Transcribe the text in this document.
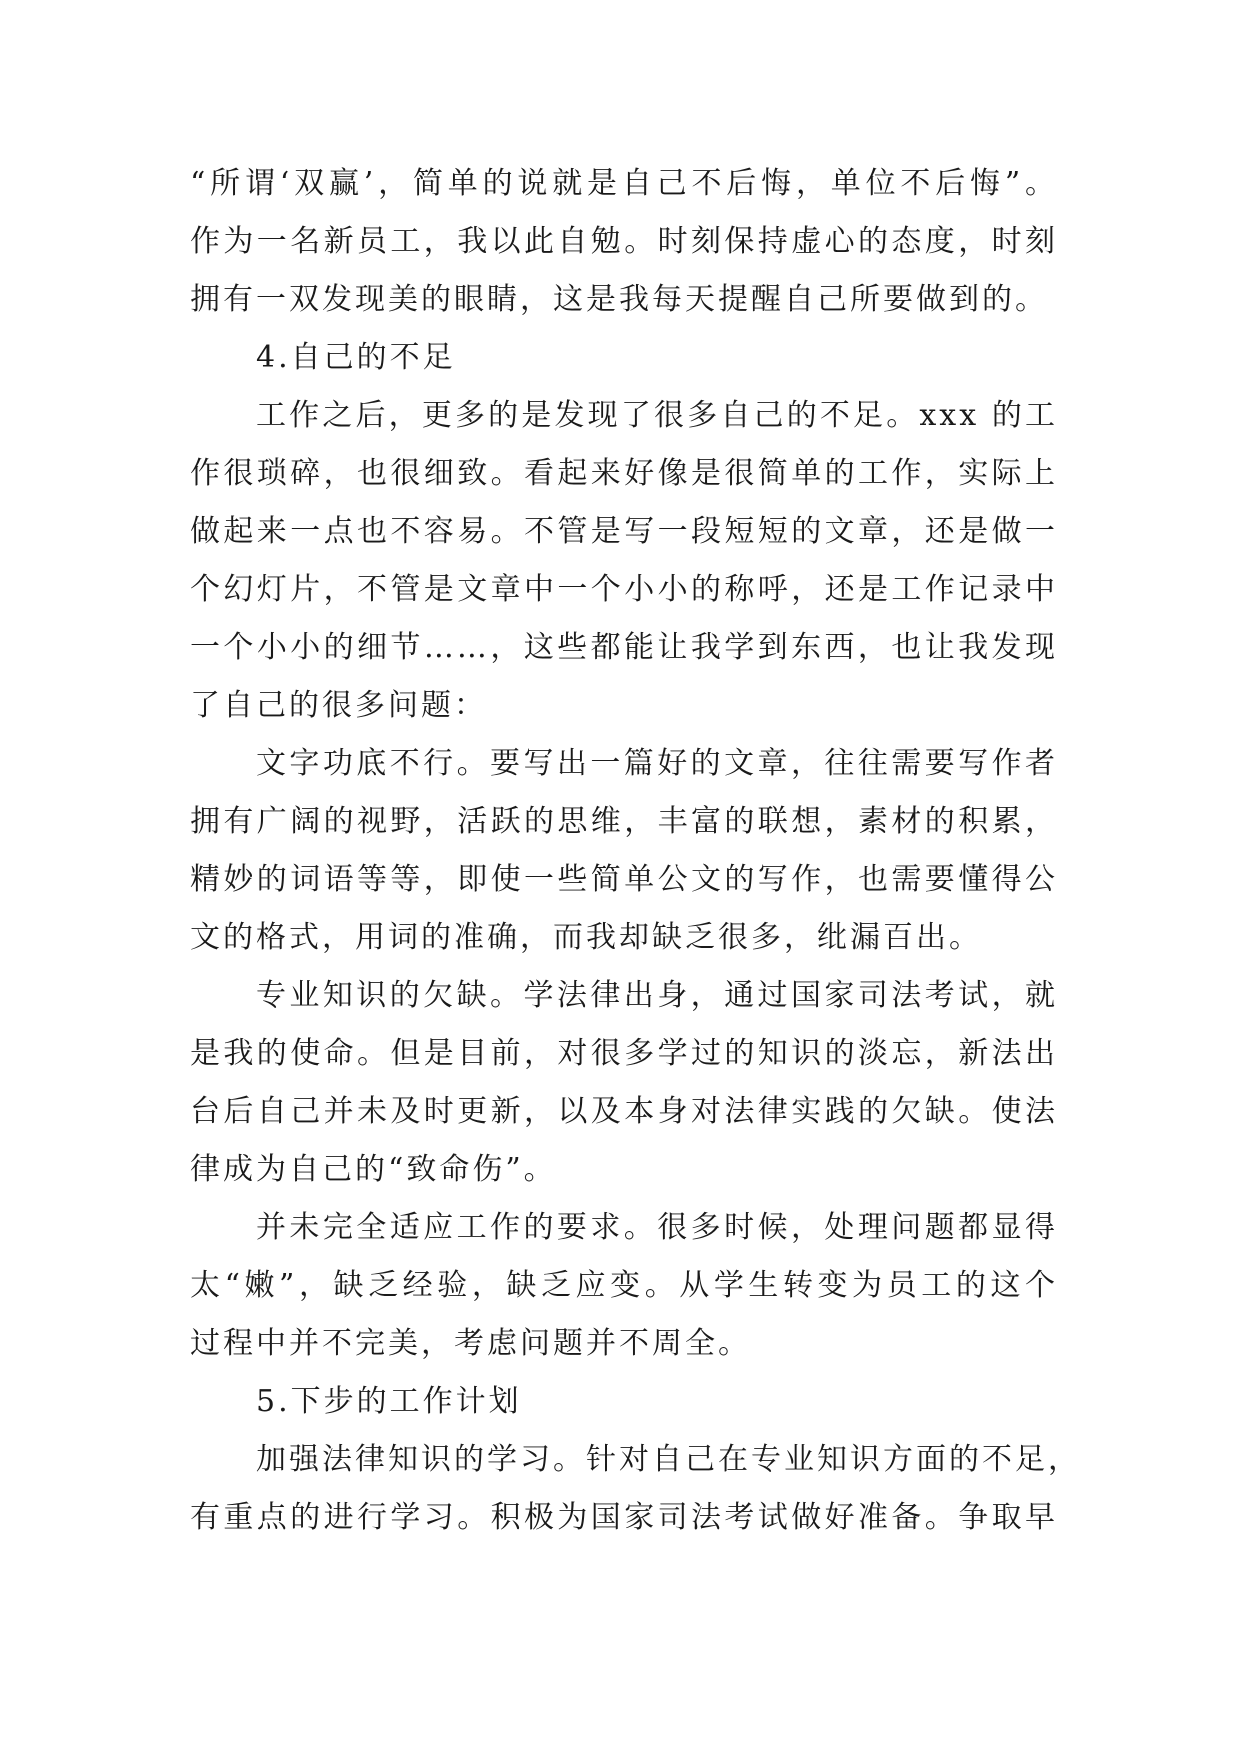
“所谓‘双赢’，简单的说就是自己不后悔，单位不后悔”。
作为一名新员工，我以此自勉。时刻保持虚心的态度，时刻
拥有一双发现美的眼睛，这是我每天提醒自己所要做到的。
4.自己的不足
工作之后，更多的是发现了很多自己的不足。xxx 的工
作很琐碎，也很细致。看起来好像是很简单的工作，实际上
做起来一点也不容易。不管是写一段短短的文章，还是做一
个幻灯片，不管是文章中一个小小的称呼，还是工作记录中
一个小小的细节……，这些都能让我学到东西，也让我发现
了自己的很多问题：
文字功底不行。要写出一篇好的文章，往往需要写作者
拥有广阔的视野，活跃的思维，丰富的联想，素材的积累，
精妙的词语等等，即使一些简单公文的写作，也需要懂得公
文的格式，用词的准确，而我却缺乏很多，纰漏百出。
专业知识的欠缺。学法律出身，通过国家司法考试，就
是我的使命。但是目前，对很多学过的知识的淡忘，新法出
台后自己并未及时更新，以及本身对法律实践的欠缺。使法
律成为自己的“致命伤”。
并未完全适应工作的要求。很多时候，处理问题都显得
太“嫩”，缺乏经验，缺乏应变。从学生转变为员工的这个
过程中并不完美，考虑问题并不周全。
5.下步的工作计划
加强法律知识的学习。针对自己在专业知识方面的不足，
有重点的进行学习。积极为国家司法考试做好准备。争取早
